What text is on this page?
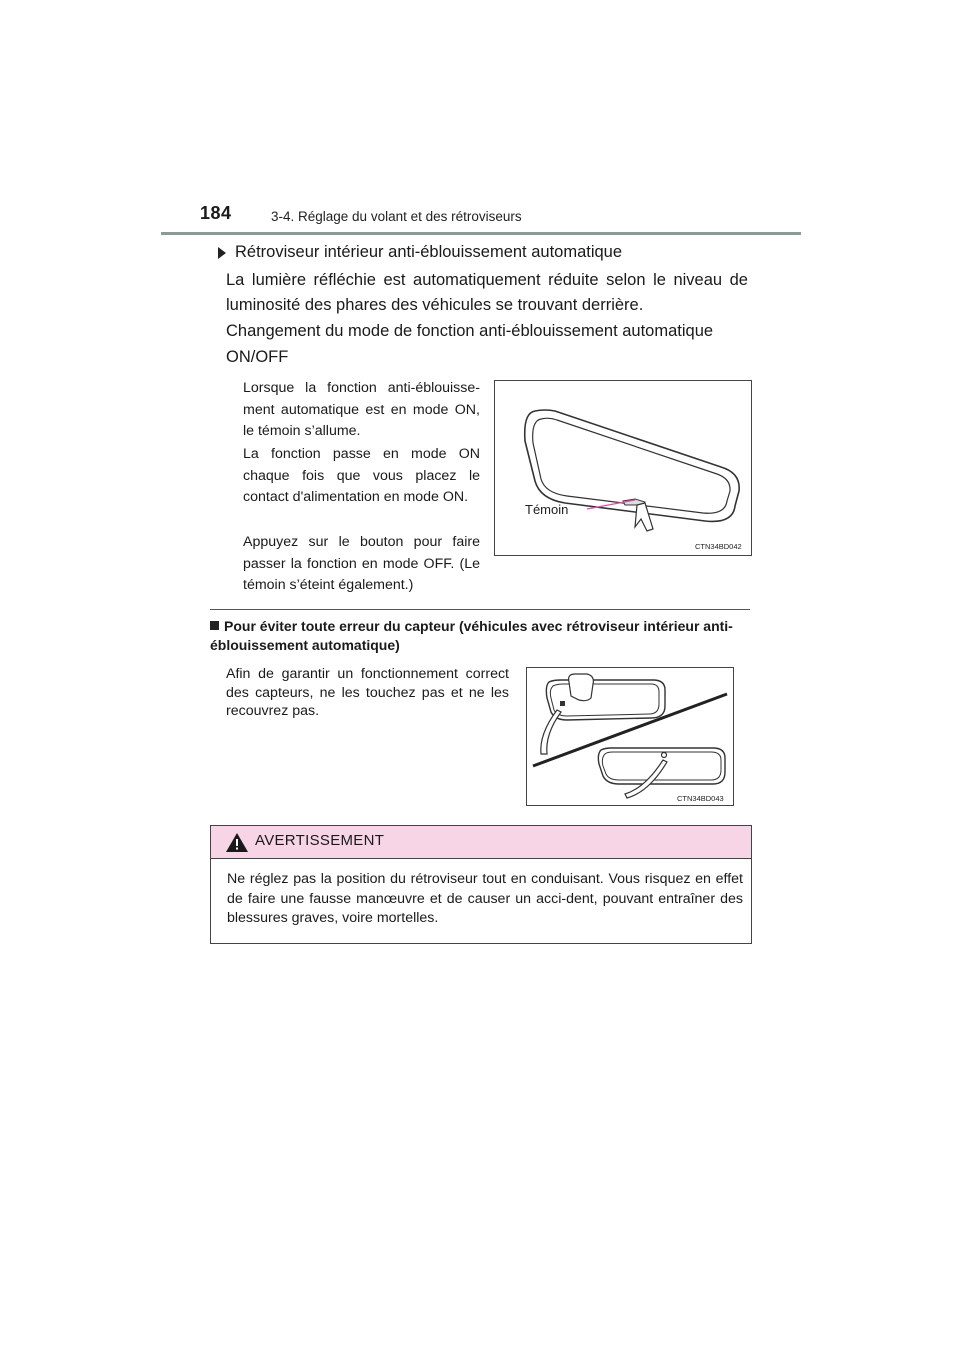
184	3-4. Réglage du volant et des rétroviseurs
Rétroviseur intérieur anti-éblouissement automatique
La lumière réfléchie est automatiquement réduite selon le niveau de luminosité des phares des véhicules se trouvant derrière.
Changement du mode de fonction anti-éblouissement automatique
ON/OFF
Lorsque la fonction anti-éblouisse-ment automatique est en mode ON, le témoin s’allume.
La fonction passe en mode ON chaque fois que vous placez le contact d'alimentation en mode ON.
Appuyez sur le bouton pour faire passer la fonction en mode OFF. (Le témoin s’éteint également.)
Témoin
CTN34BD042
Pour éviter toute erreur du capteur (véhicules avec rétroviseur intérieur anti-éblouissement automatique)
Afin de garantir un fonctionnement correct des capteurs, ne les touchez pas et ne les recouvrez pas.
CTN34BD043
AVERTISSEMENT
Ne réglez pas la position du rétroviseur tout en conduisant. Vous risquez en effet de faire une fausse manœuvre et de causer un acci-dent, pouvant entraîner des blessures graves, voire mortelles.
